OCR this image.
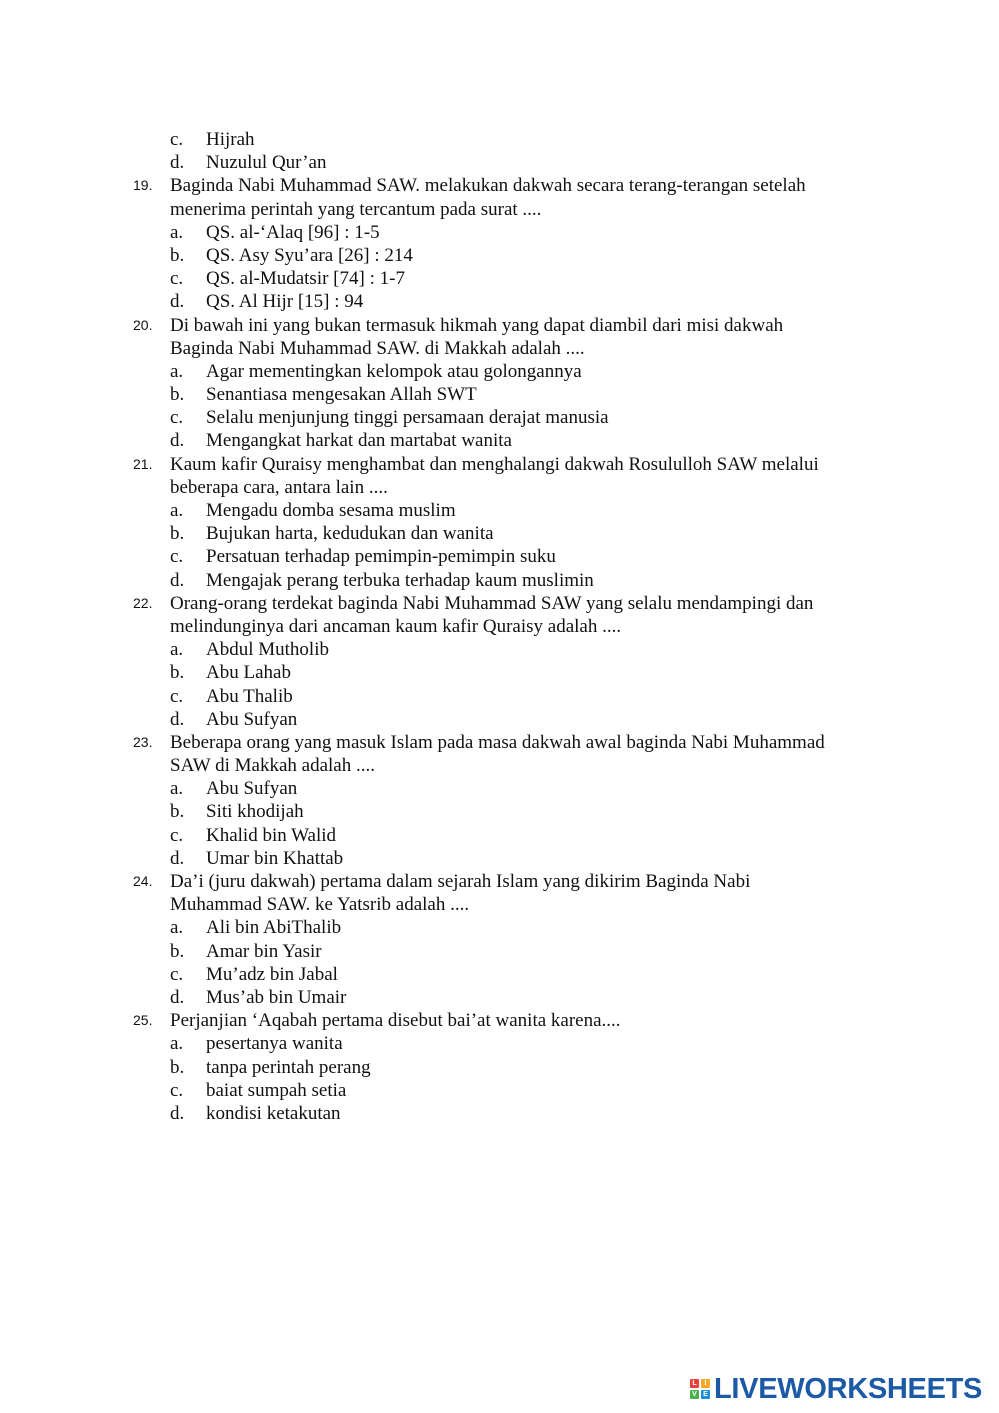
c. Hijrah
d. Nuzulul Qur’an
19. Baginda Nabi Muhammad SAW. melakukan dakwah secara terang-terangan setelah
menerima perintah yang tercantum pada surat ....
a. QS. al-‘Alaq [96] : 1-5
b. QS. Asy Syu’ara [26] : 214
c. QS. al-Mudatsir [74] : 1-7
d. QS. Al Hijr [15] : 94
20. Di bawah ini yang bukan termasuk hikmah yang dapat diambil dari misi dakwah
Baginda Nabi Muhammad SAW. di Makkah adalah ....
a. Agar mementingkan kelompok atau golongannya
b. Senantiasa mengesakan Allah SWT
c. Selalu menjunjung tinggi persamaan derajat manusia
d. Mengangkat harkat dan martabat wanita
21. Kaum kafir Quraisy menghambat dan menghalangi dakwah Rosululloh SAW melalui
beberapa cara, antara lain ....
a. Mengadu domba sesama muslim
b. Bujukan harta, kedudukan dan wanita
c. Persatuan terhadap pemimpin-pemimpin suku
d. Mengajak perang terbuka terhadap kaum muslimin
22. Orang-orang terdekat baginda Nabi Muhammad SAW yang selalu mendampingi dan
melindunginya dari ancaman kaum kafir Quraisy adalah ....
a. Abdul Mutholib
b. Abu Lahab
c. Abu Thalib
d. Abu Sufyan
23. Beberapa orang yang masuk Islam pada masa dakwah awal baginda Nabi Muhammad
SAW di Makkah adalah ....
a. Abu Sufyan
b. Siti khodijah
c. Khalid bin Walid
d. Umar bin Khattab
24. Da’i (juru dakwah) pertama dalam sejarah Islam yang dikirim Baginda Nabi
Muhammad SAW. ke Yatsrib adalah ....
a. Ali bin AbiThalib
b. Amar bin Yasir
c. Mu’adz bin Jabal
d. Mus’ab bin Umair
25. Perjanjian ‘Aqabah pertama disebut bai’at wanita karena....
a. pesertanya wanita
b. tanpa perintah perang
c. baiat sumpah setia
d. kondisi ketakutan
L	I
V E LIVEWORKSHEETS
